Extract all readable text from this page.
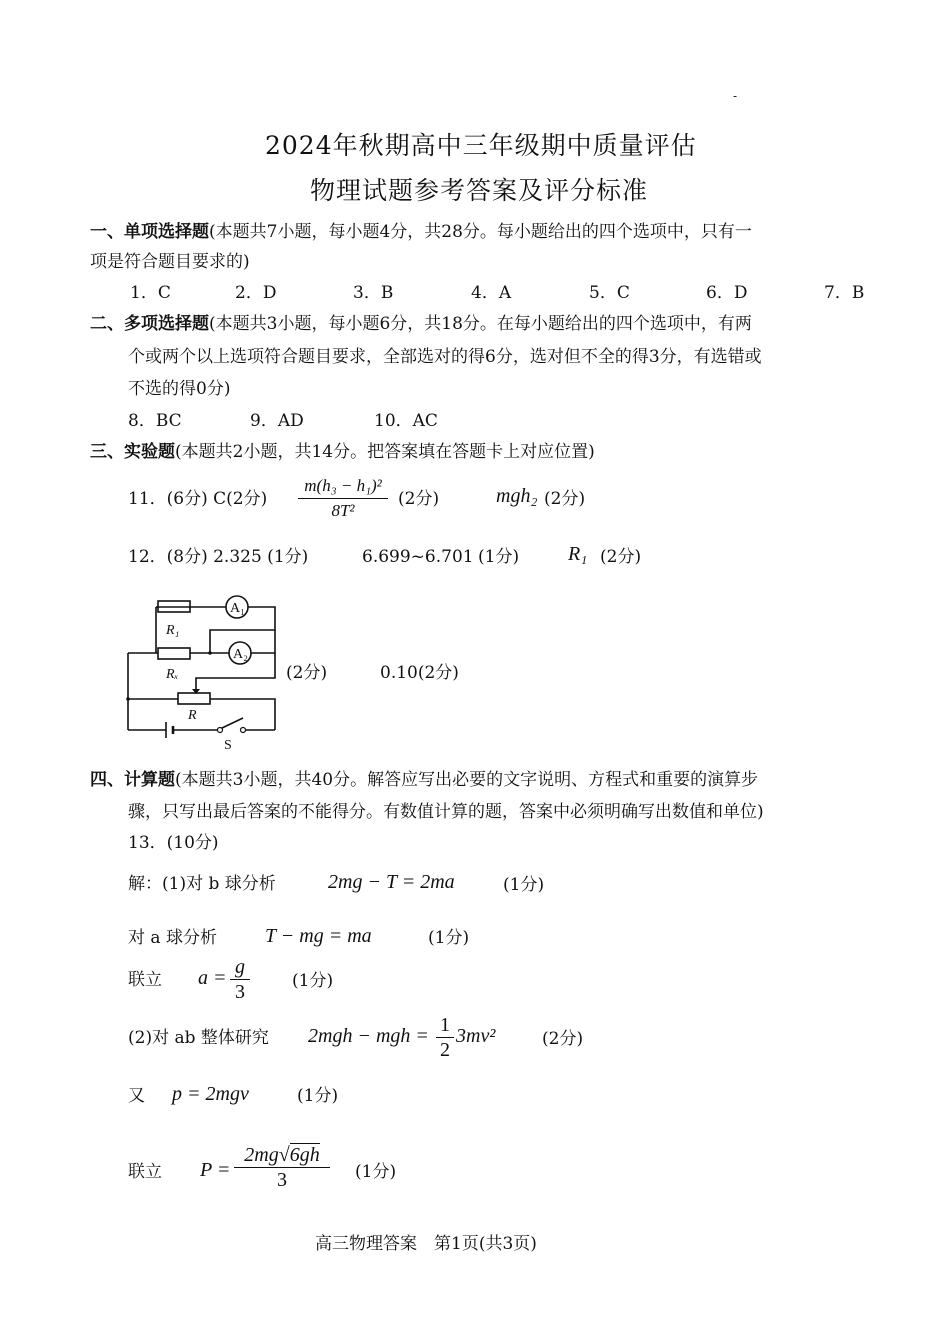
-
2024年秋期高中三年级期中质量评估
物理试题参考答案及评分标准
一、单项选择题(本题共7小题，每小题4分，共28分。每小题给出的四个选项中，只有一
项是符合题目要求的)
1．C	2．D	3．B	4．A	5．C	6．D	7．B
二、多项选择题(本题共3小题，每小题6分，共18分。在每小题给出的四个选项中，有两
个或两个以上选项符合题目要求，全部选对的得6分，选对但不全的得3分，有选错或
不选的得0分)
8．BC	9．AD	10．AC
三、实验题(本题共2小题，共14分。把答案填在答题卡上对应位置)
11．(6分) C(2分)
m(h₃ − h₁)²
8T²
(2分)	mgh₂ (2分)
12．(8分) 2.325 (1分)	6.699~6.701 (1分) R₁ (2分)
A₁
A₂
R₁
Rₓ
R
S
(2分)	0.10(2分)
四、计算题(本题共3小题，共40分。解答应写出必要的文字说明、方程式和重要的演算步
骤，只写出最后答案的不能得分。有数值计算的题，答案中必须明确写出数值和单位)
13．(10分)
解：(1)对 b 球分析	2mg − T = 2ma	(1分)
对 a 球分析 T − mg = ma	(1分)
联立 a = g
3	(1分)
(2)对 ab 整体研究 2mgh − mgh = 1
2
3mv²	(2分)
又 p = 2mgv	(1分)
联立 P =
2mg√6gh
3	(1分)
高三物理答案　第1页(共3页)
